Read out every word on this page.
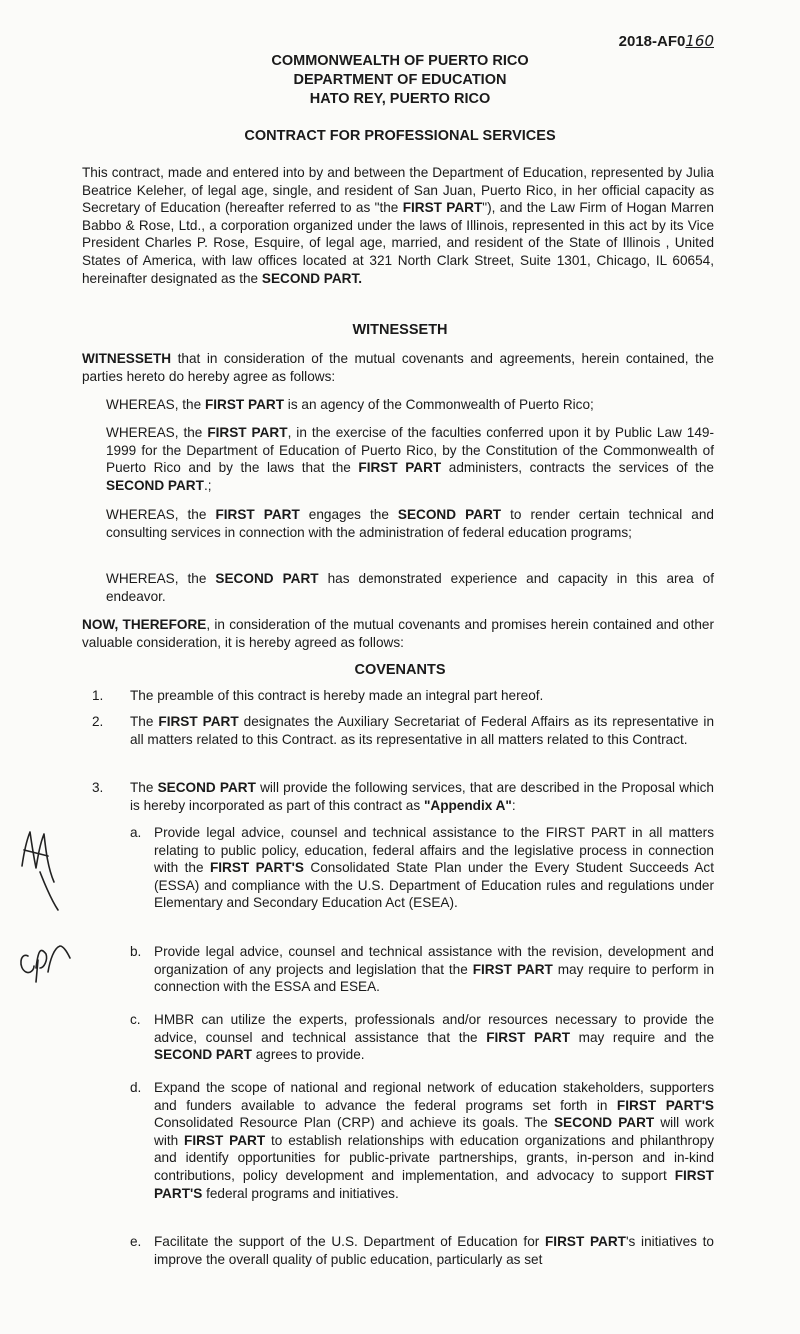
2018-AF0160
COMMONWEALTH OF PUERTO RICO
DEPARTMENT OF EDUCATION
HATO REY, PUERTO RICO
CONTRACT FOR PROFESSIONAL SERVICES
This contract, made and entered into by and between the Department of Education, represented by Julia Beatrice Keleher, of legal age, single, and resident of San Juan, Puerto Rico, in her official capacity as Secretary of Education (hereafter referred to as "the FIRST PART"), and the Law Firm of Hogan Marren Babbo & Rose, Ltd., a corporation organized under the laws of Illinois, represented in this act by its Vice President Charles P. Rose, Esquire, of legal age, married, and resident of the State of Illinois , United States of America, with law offices located at 321 North Clark Street, Suite 1301, Chicago, IL 60654, hereinafter designated as the SECOND PART.
WITNESSETH
WITNESSETH that in consideration of the mutual covenants and agreements, herein contained, the parties hereto do hereby agree as follows:
WHEREAS, the FIRST PART is an agency of the Commonwealth of Puerto Rico;
WHEREAS, the FIRST PART, in the exercise of the faculties conferred upon it by Public Law 149-1999 for the Department of Education of Puerto Rico, by the Constitution of the Commonwealth of Puerto Rico and by the laws that the FIRST PART administers, contracts the services of the SECOND PART.;
WHEREAS, the FIRST PART engages the SECOND PART to render certain technical and consulting services in connection with the administration of federal education programs;
WHEREAS, the SECOND PART has demonstrated experience and capacity in this area of endeavor.
NOW, THEREFORE, in consideration of the mutual covenants and promises herein contained and other valuable consideration, it is hereby agreed as follows:
COVENANTS
1. The preamble of this contract is hereby made an integral part hereof.
2. The FIRST PART designates the Auxiliary Secretariat of Federal Affairs as its representative in all matters related to this Contract. as its representative in all matters related to this Contract.
3. The SECOND PART will provide the following services, that are described in the Proposal which is hereby incorporated as part of this contract as "Appendix A":
a. Provide legal advice, counsel and technical assistance to the FIRST PART in all matters relating to public policy, education, federal affairs and the legislative process in connection with the FIRST PART'S Consolidated State Plan under the Every Student Succeeds Act (ESSA) and compliance with the U.S. Department of Education rules and regulations under Elementary and Secondary Education Act (ESEA).
b. Provide legal advice, counsel and technical assistance with the revision, development and organization of any projects and legislation that the FIRST PART may require to perform in connection with the ESSA and ESEA.
c. HMBR can utilize the experts, professionals and/or resources necessary to provide the advice, counsel and technical assistance that the FIRST PART may require and the SECOND PART agrees to provide.
d. Expand the scope of national and regional network of education stakeholders, supporters and funders available to advance the federal programs set forth in FIRST PART'S Consolidated Resource Plan (CRP) and achieve its goals. The SECOND PART will work with FIRST PART to establish relationships with education organizations and philanthropy and identify opportunities for public-private partnerships, grants, in-person and in-kind contributions, policy development and implementation, and advocacy to support FIRST PART'S federal programs and initiatives.
e. Facilitate the support of the U.S. Department of Education for FIRST PART's initiatives to improve the overall quality of public education, particularly as set
